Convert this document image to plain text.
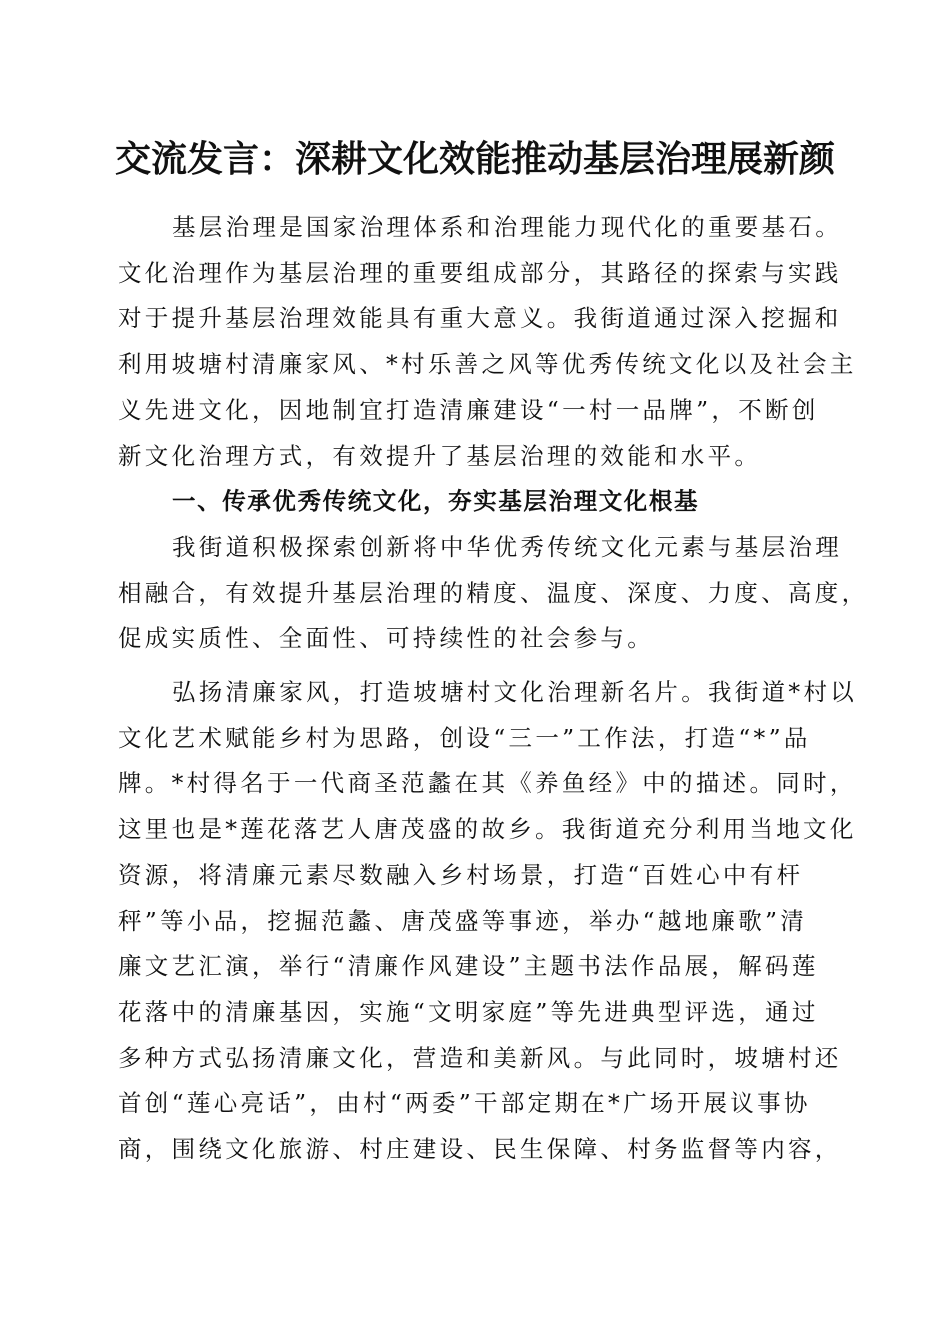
交流发言：深耕文化效能推动基层治理展新颜

基层治理是国家治理体系和治理能力现代化的重要基石。
文化治理作为基层治理的重要组成部分，其路径的探索与实践
对于提升基层治理效能具有重大意义。我街道通过深入挖掘和
利用坡塘村清廉家风、*村乐善之风等优秀传统文化以及社会主
义先进文化，因地制宜打造清廉建设“一村一品牌”，不断创
新文化治理方式，有效提升了基层治理的效能和水平。

一、传承优秀传统文化，夯实基层治理文化根基

我街道积极探索创新将中华优秀传统文化元素与基层治理
相融合，有效提升基层治理的精度、温度、深度、力度、高度，
促成实质性、全面性、可持续性的社会参与。

弘扬清廉家风，打造坡塘村文化治理新名片。我街道*村以
文化艺术赋能乡村为思路，创设“三一”工作法，打造“*”品
牌。*村得名于一代商圣范蠡在其《养鱼经》中的描述。同时，
这里也是*莲花落艺人唐茂盛的故乡。我街道充分利用当地文化
资源，将清廉元素尽数融入乡村场景，打造“百姓心中有杆
秤”等小品，挖掘范蠡、唐茂盛等事迹，举办“越地廉歌”清
廉文艺汇演，举行“清廉作风建设”主题书法作品展，解码莲
花落中的清廉基因，实施“文明家庭”等先进典型评选，通过
多种方式弘扬清廉文化，营造和美新风。与此同时，坡塘村还
首创“莲心亮话”，由村“两委”干部定期在*广场开展议事协
商，围绕文化旅游、村庄建设、民生保障、村务监督等内容，
